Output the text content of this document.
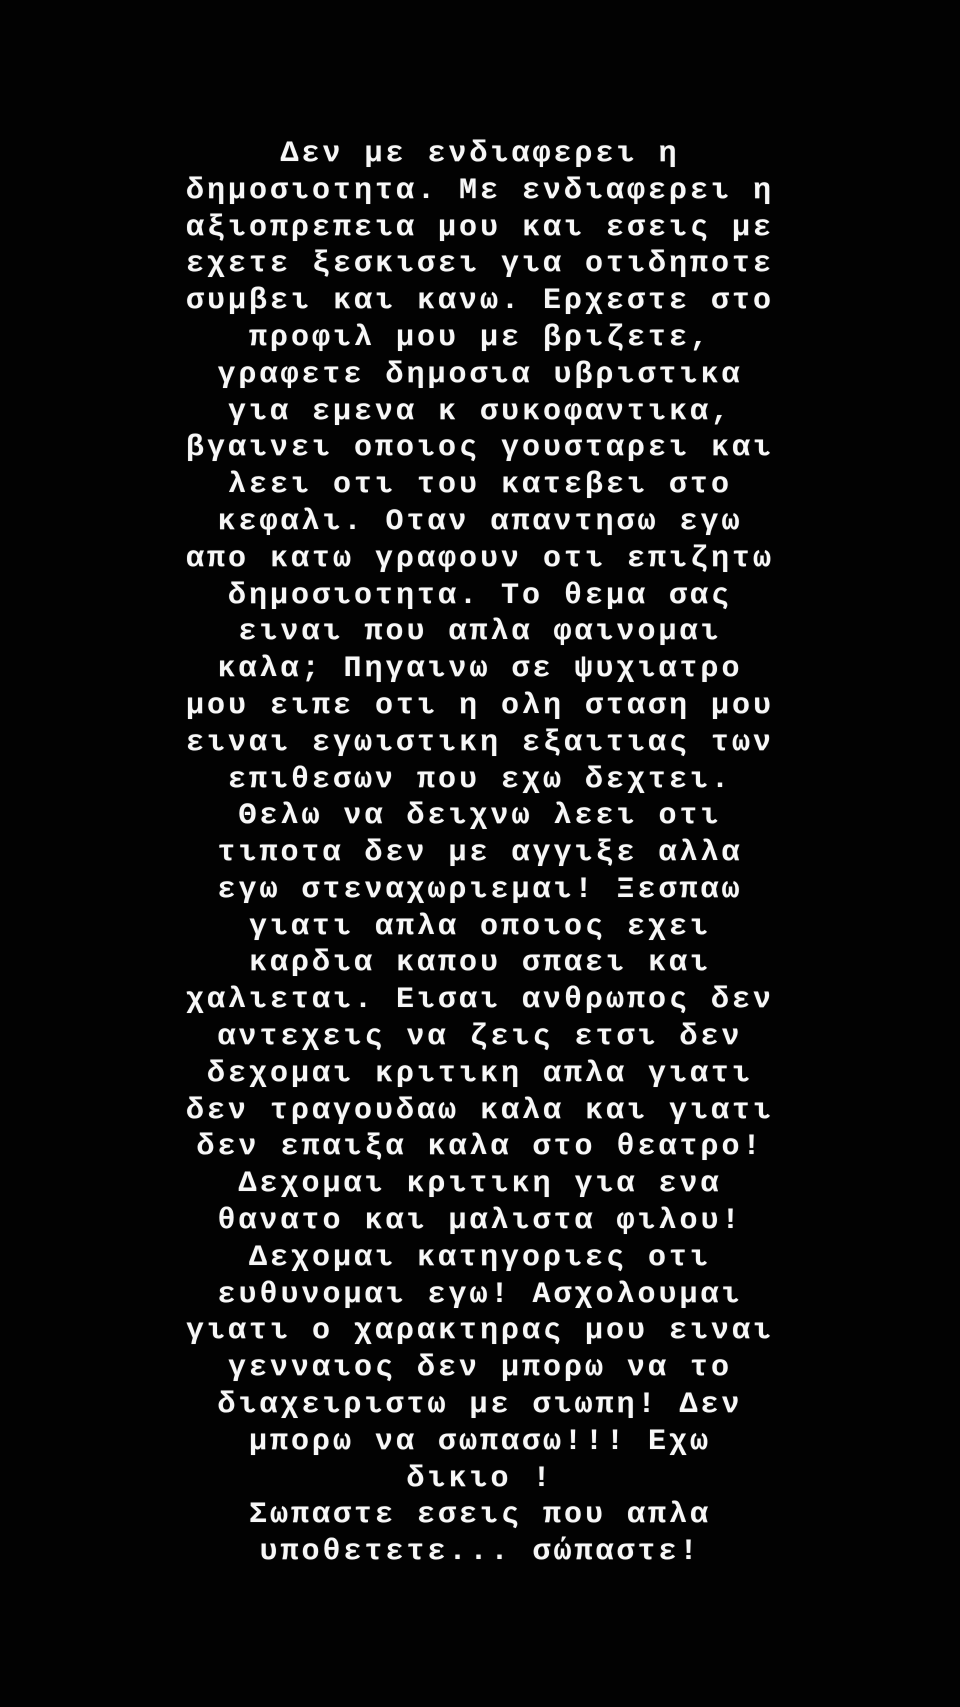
Δεν με ενδιαφερει η
δημοσιοτητα. Με ενδιαφερει η
αξιοπρεπεια μου και εσεις με
εχετε ξεσκισει για οτιδηποτε
συμβει και κανω. Ερχεστε στο
προφιλ μου με βριζετε,
γραφετε δημοσια υβριστικα
για εμενα κ συκοφαντικα,
βγαινει οποιος γουσταρει και
λεει οτι του κατεβει στο
κεφαλι. Οταν απαντησω εγω
απο κατω γραφουν οτι επιζητω
δημοσιοτητα. Το θεμα σας
ειναι που απλα φαινομαι
καλα; Πηγαινω σε ψυχιατρο
μου ειπε οτι η ολη σταση μου
ειναι εγωιστικη εξαιτιας των
επιθεσων που εχω δεχτει.
Θελω να δειχνω λεει οτι
τιποτα δεν με αγγιξε αλλα
εγω στεναχωριεμαι! Ξεσπαω
γιατι απλα οποιος εχει
καρδια καπου σπαει και
χαλιεται. Εισαι ανθρωπος δεν
αντεχεις να ζεις ετσι δεν
δεχομαι κριτικη απλα γιατι
δεν τραγουδαω καλα και γιατι
δεν επαιξα καλα στο θεατρο!
Δεχομαι κριτικη για ενα
θανατο και μαλιστα φιλου!
Δεχομαι κατηγοριες οτι
ευθυνομαι εγω! Ασχολουμαι
γιατι ο χαρακτηρας μου ειναι
γενναιος δεν μπορω να το
διαχειριστω με σιωπη! Δεν
μπορω να σωπασω!!! Εχω
δικιο !
Σωπαστε εσεις που απλα
υποθετετε... σώπαστε!
